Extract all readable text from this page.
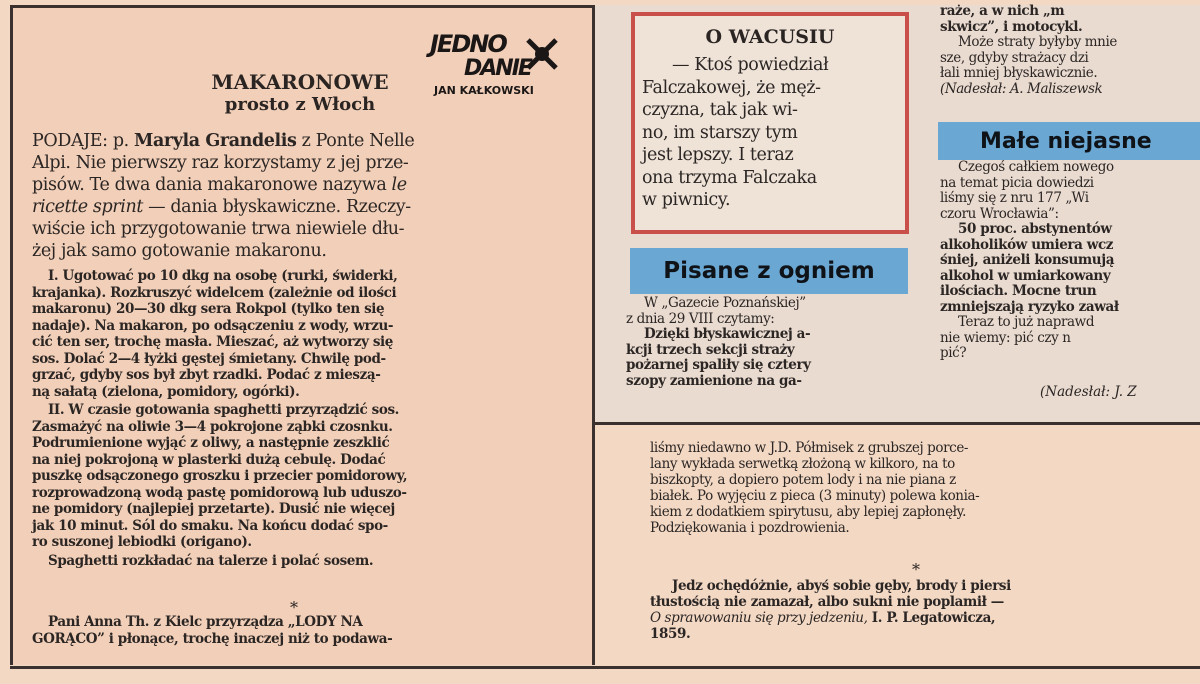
JEDNO
DANIE
JAN KAŁKOWSKI
MAKARONOWE
prosto z Włoch

PODAJE: p. Maryla Grandelis z Ponte Nelle

Alpi. Nie pierwszy raz korzystamy z jej prze-

pisów. Te dwa dania makaronowe nazywa le

ricette sprint — dania błyskawiczne. Rzeczy-

wiście ich przygotowanie trwa niewiele dłu-

żej jak samo gotowanie makaronu.

I. Ugotować po 10 dkg na osobę (rurki, świderki,

krajanka). Rozkruszyć widelcem (zależnie od ilości

makaronu) 20—30 dkg sera Rokpol (tylko ten się

nadaje). Na makaron, po odsączeniu z wody, wrzu-

cić ten ser, trochę masła. Mieszać, aż wytworzy się

sos. Dolać 2—4 łyżki gęstej śmietany. Chwilę pod-

grzać, gdyby sos był zbyt rzadki. Podać z mieszą-

ną sałatą (zielona, pomidory, ogórki).

II. W czasie gotowania spaghetti przyrządzić sos.

Zasmażyć na oliwie 3—4 pokrojone ząbki czosnku.

Podrumienione wyjąć z oliwy, a następnie zeszklić

na niej pokrojoną w plasterki dużą cebulę. Dodać

puszkę odsączonego groszku i przecier pomidorowy,

rozprowadzoną wodą pastę pomidorową lub uduszo-

ne pomidory (najlepiej przetarte). Dusić nie więcej

jak 10 minut. Sól do smaku. Na końcu dodać spo-

ro suszonej lebiodki (origano).

Spaghetti rozkładać na talerze i polać sosem.

*

Pani Anna Th. z Kielc przyrządza „LODY NA

GORĄCO” i płonące, trochę inaczej niż to podawa-

O WACUSIU

— Ktoś powiedział

Falczakowej, że męż-

czyzna, tak jak wi-

no, im starszy tym

jest lepszy. I teraz

ona trzyma Falczaka

w piwnicy.

Pisane z ogniem

W „Gazecie Poznańskiej”

z dnia 29 VIII czytamy:

Dzięki błyskawicznej a-

kcji trzech sekcji straży

pożarnej spaliły się cztery

szopy zamienione na ga-

raże, a w nich „m

skwicz”, i motocykl.

Może straty byłyby mnie

sze, gdyby strażacy dzi

łali mniej błyskawicznie.

(Nadesłał: A. Maliszewsk

Małe niejasne

Czegoś całkiem nowego

na temat picia dowiedzi

liśmy się z nru 177 „Wi

czoru Wrocławia”:

50 proc. abstynentów

alkoholików umiera wcz

śniej, aniżeli konsumują

alkohol w umiarkowany

ilościach. Mocne trun

zmniejszają ryzyko zawał

Teraz to już naprawd

nie wiemy: pić czy n

pić?

(Nadesłał: J. Z

liśmy niedawno w J.D. Półmisek z grubszej porce-

lany wykłada serwetką złożoną w kilkoro, na to

biszkopty, a dopiero potem lody i na nie piana z

białek. Po wyjęciu z pieca (3 minuty) polewa konia-

kiem z dodatkiem spirytusu, aby lepiej zapłonęły.

Podziękowania i pozdrowienia.

*

Jedz ochędóżnie, abyś sobie gęby, brody i piersi

tłustością nie zamazał, albo sukni nie poplamił —

O sprawowaniu się przy jedzeniu, I. P. Legatowicza,

1859.
